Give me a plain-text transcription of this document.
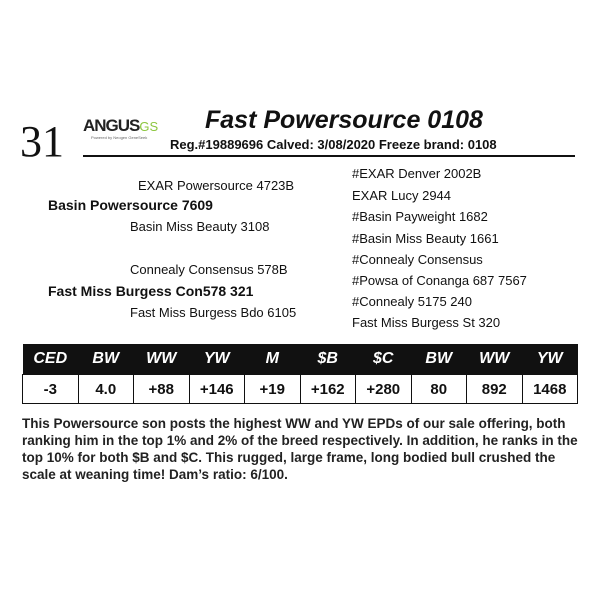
31 ANGUSGS
Powered by Neogen GeneSeek
Fast Powersource 0108
Reg.#19889696 Calved: 3/08/2020 Freeze brand: 0108
EXAR Powersource 4723B
Basin Powersource 7609
Basin Miss Beauty 3108
Connealy Consensus 578B
Fast Miss Burgess Con578 321
Fast Miss Burgess Bdo 6105
#EXAR Denver 2002B
EXAR Lucy 2944
#Basin Payweight 1682
#Basin Miss Beauty 1661
#Connealy Consensus
#Powsa of Conanga 687 7567
#Connealy 5175 240
Fast Miss Burgess St 320
CED	BW	WW	YW	M	$B	$C	BW	WW	YW
-3	4.0	+88	+146	+19	+162	+280	80	892	1468
This Powersource son posts the highest WW and YW EPDs of our sale offering, both ranking him in the top 1% and 2% of the breed respectively. In addition, he ranks in the top 10% for both $B and $C. This rugged, large frame, long bodied bull crushed the scale at weaning time! Dam’s ratio: 6/100.
